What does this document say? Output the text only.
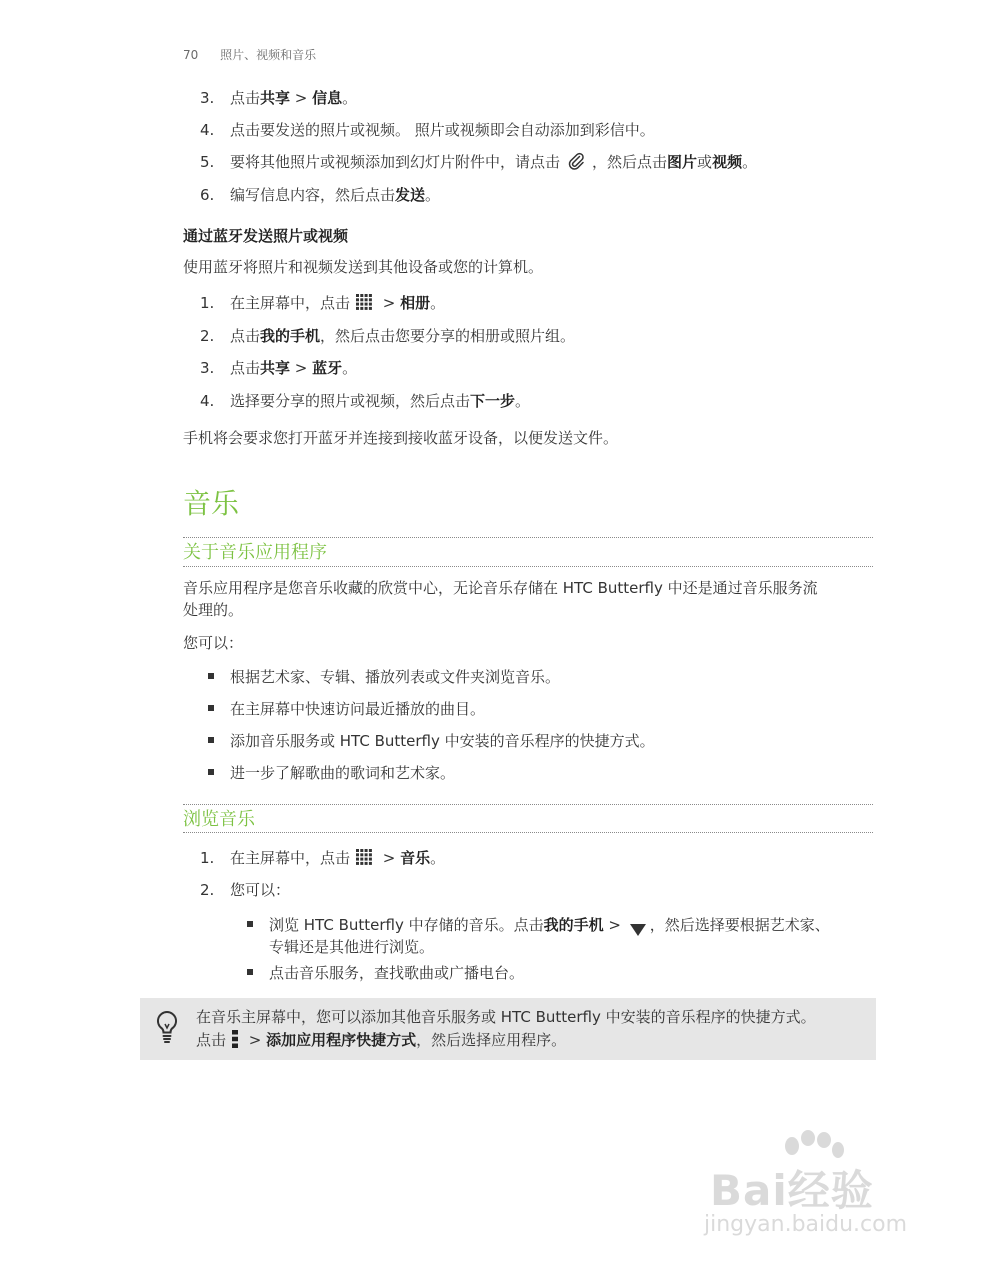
70 照片、视频和音乐
3. 点击共享 > 信息。
4. 点击要发送的照片或视频。 照片或视频即会自动添加到彩信中。
5. 要将其他照片或视频添加到幻灯片附件中，请点击 ，然后点击图片或视频。
6. 编写信息内容，然后点击发送。
通过蓝牙发送照片或视频
使用蓝牙将照片和视频发送到其他设备或您的计算机。
1. 在主屏幕中，点击 > 相册。
2. 点击我的手机，然后点击您要分享的相册或照片组。
3. 点击共享 > 蓝牙。
4. 选择要分享的照片或视频，然后点击下一步。
手机将会要求您打开蓝牙并连接到接收蓝牙设备，以便发送文件。
音乐
关于音乐应用程序
音乐应用程序是您音乐收藏的欣赏中心，无论音乐存储在 HTC Butterfly 中还是通过音乐服务流
处理的。
您可以：
根据艺术家、专辑、播放列表或文件夹浏览音乐。
在主屏幕中快速访问最近播放的曲目。
添加音乐服务或 HTC Butterfly 中安装的音乐程序的快捷方式。
进一步了解歌曲的歌词和艺术家。
浏览音乐
1. 在主屏幕中，点击 > 音乐。
2. 您可以：
浏览 HTC Butterfly 中存储的音乐。点击我的手机 > ，然后选择要根据艺术家、
专辑还是其他进行浏览。
点击音乐服务，查找歌曲或广播电台。
在音乐主屏幕中，您可以添加其他音乐服务或 HTC Butterfly 中安装的音乐程序的快捷方式。
点击 > 添加应用程序快捷方式，然后选择应用程序。
Bai经验
jingyan.baidu.com
